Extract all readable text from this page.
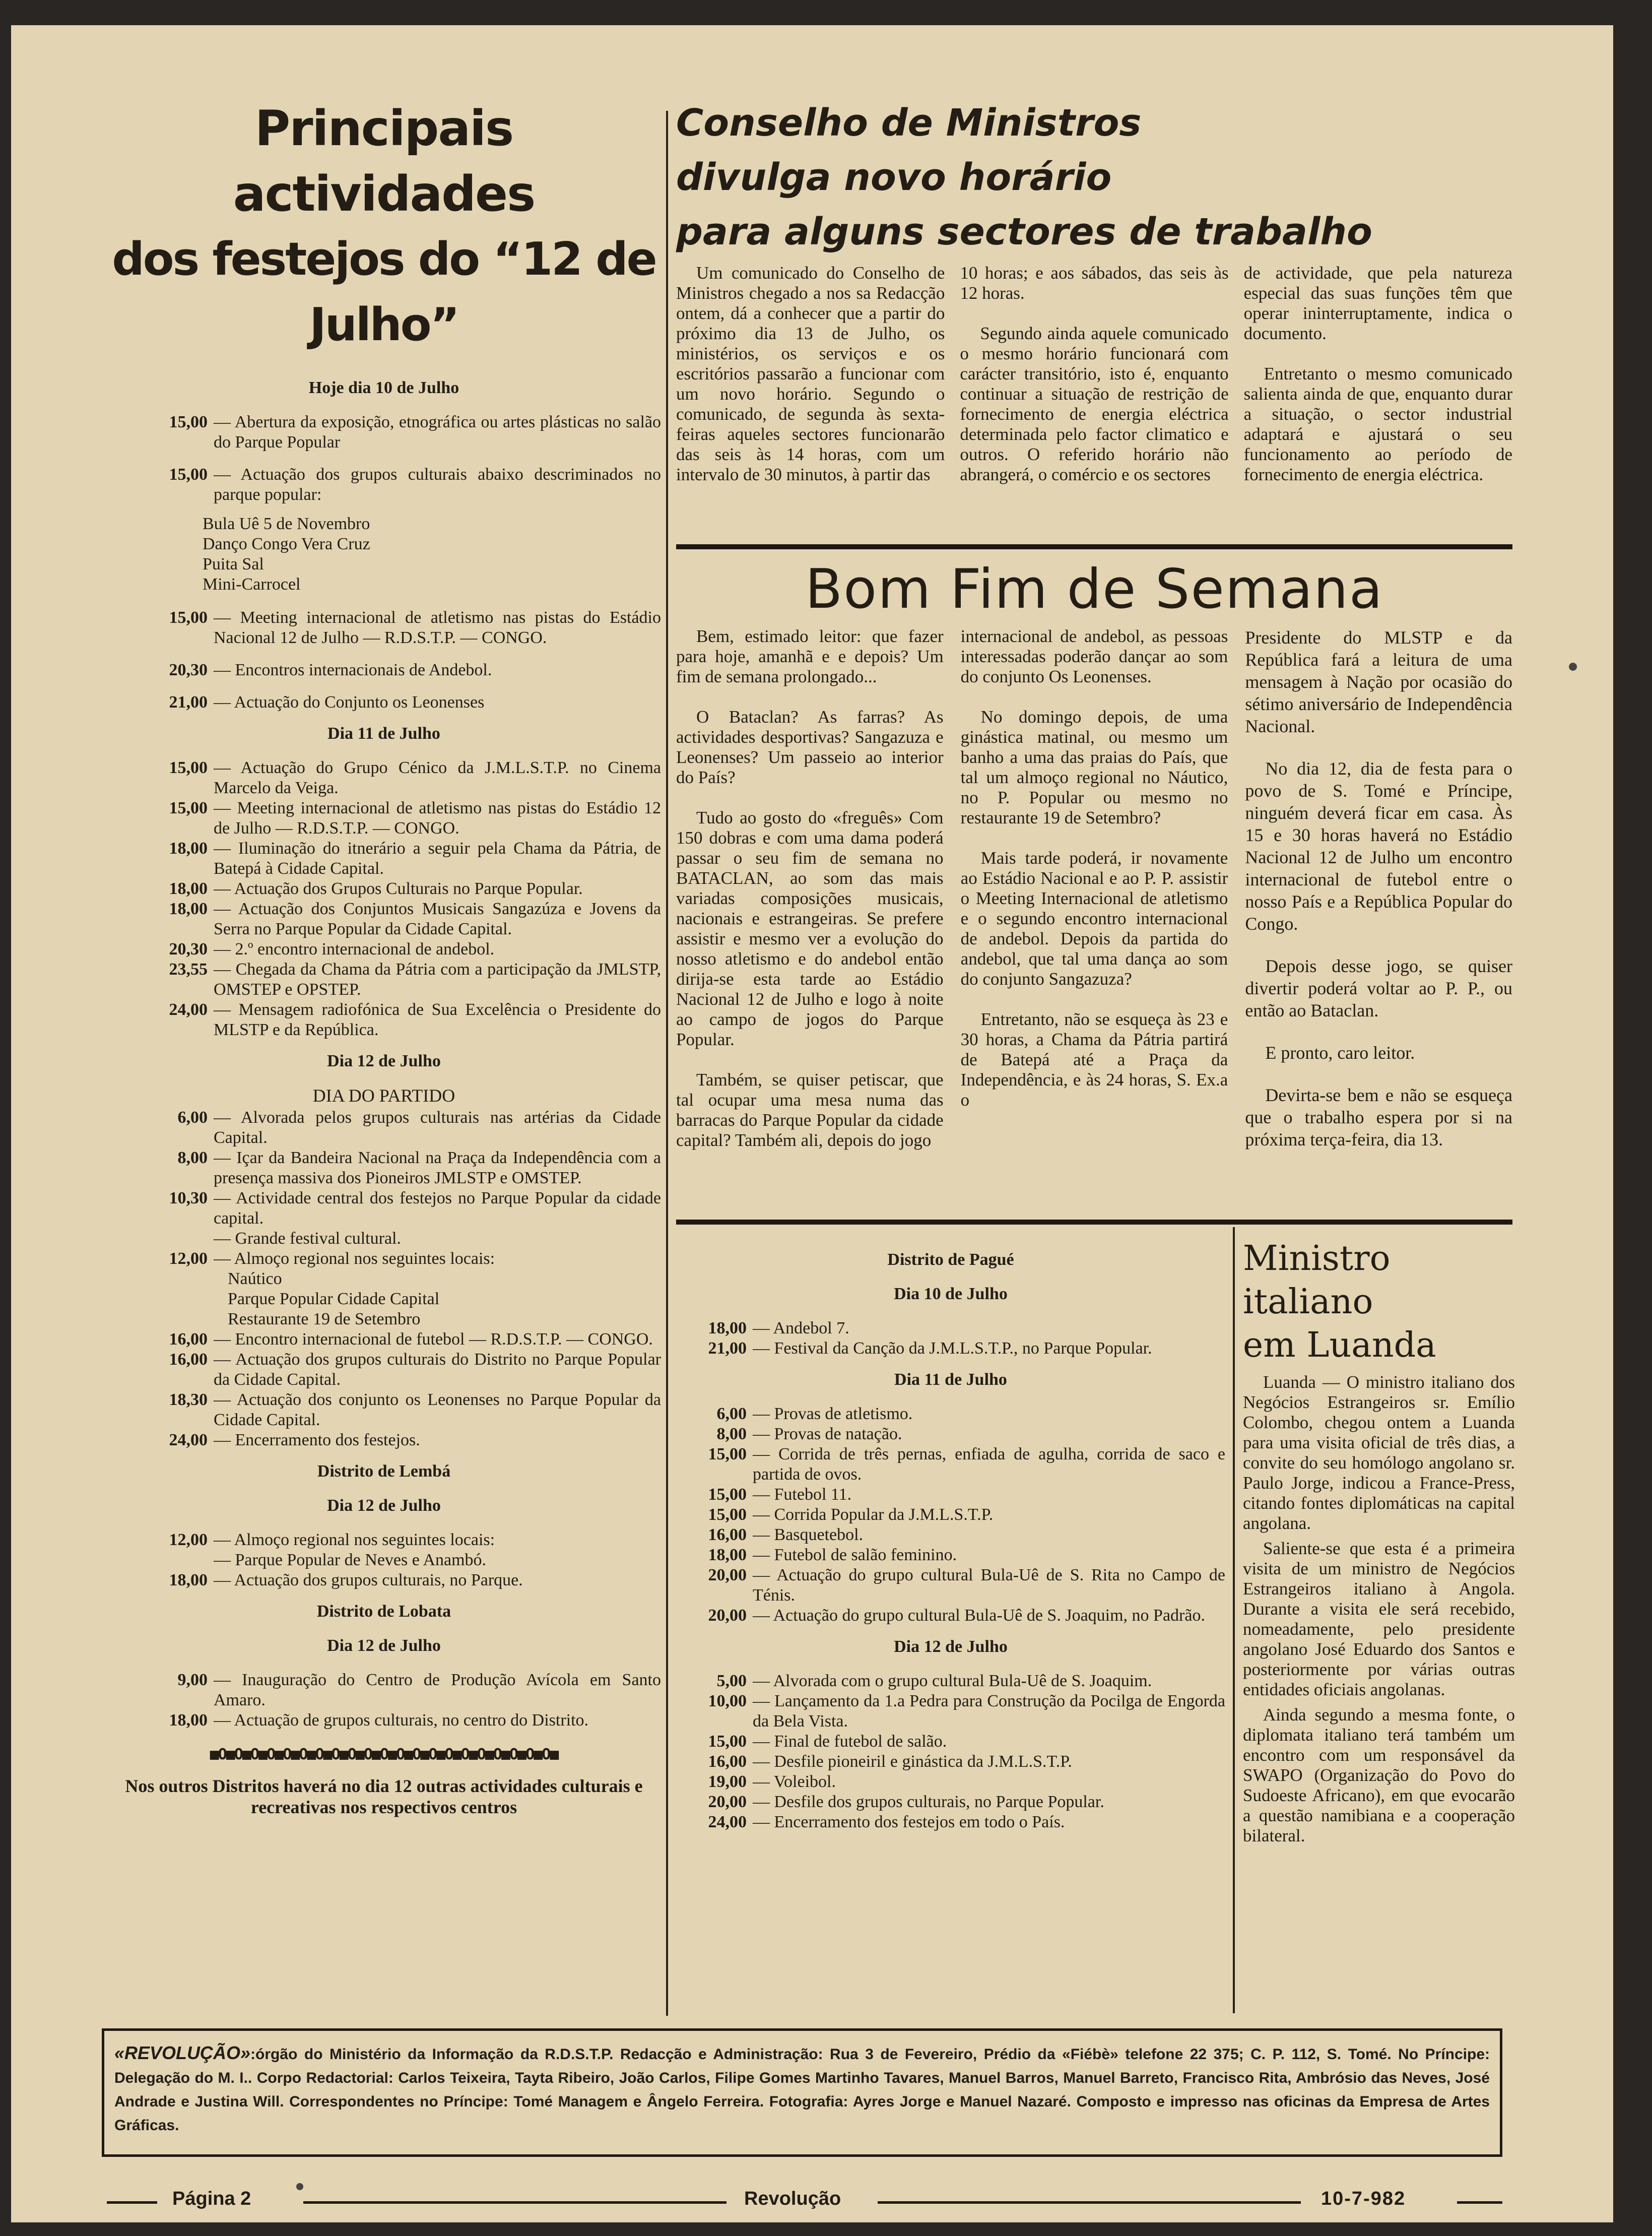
Principais actividades
dos festejos do “12 de Julho”
Hoje dia 10 de Julho
15,00	— Abertura da exposição, etnográfica ou artes plásticas no salão do Parque Popular
15,00	— Actuação dos grupos culturais abaixo descriminados no parque popular:
Bula Uê 5 de Novembro
Danço Congo Vera Cruz
Puita Sal
Mini-Carrocel
15,00	— Meeting internacional de atletismo nas pistas do Estádio Nacional 12 de Julho — R.D.S.T.P. — CONGO.
20,30	— Encontros internacionais de Andebol.
21,00	— Actuação do Conjunto os Leonenses
Dia 11 de Julho
15,00	— Actuação do Grupo Cénico da J.M.L.S.T.P. no Cinema Marcelo da Veiga.
15,00	— Meeting internacional de atletismo nas pistas do Estádio 12 de Julho — R.D.S.T.P. — CONGO.
18,00	— Iluminação do itnerário a seguir pela Chama da Pátria, de Batepá à Cidade Capital.
18,00	— Actuação dos Grupos Culturais no Parque Popular.
18,00	— Actuação dos Conjuntos Musicais Sangazúza e Jovens da Serra no Parque Popular da Cidade Capital.
20,30	— 2.º encontro internacional de andebol.
23,55	— Chegada da Chama da Pátria com a participação da JMLSTP, OMSTEP e OPSTEP.
24,00	— Mensagem radiofónica de Sua Excelência o Presidente do MLSTP e da República.
Dia 12 de Julho
DIA DO PARTIDO
6,00	— Alvorada pelos grupos culturais nas artérias da Cidade Capital.
8,00	— Içar da Bandeira Nacional na Praça da Independência com a presença massiva dos Pioneiros JMLSTP e OMSTEP.
10,30	— Actividade central dos festejos no Parque Popular da cidade capital.

— Grande festival cultural.
12,00	— Almoço regional nos seguintes locais:
Naútico
Parque Popular Cidade Capital
Restaurante 19 de Setembro
16,00	— Encontro internacional de futebol — R.D.S.T.P. — CONGO.
16,00	— Actuação dos grupos culturais do Distrito no Parque Popular da Cidade Capital.
18,30	— Actuação dos conjunto os Leonenses no Parque Popular da Cidade Capital.
24,00	— Encerramento dos festejos.
Distrito de Lembá
Dia 12 de Julho
12,00	— Almoço regional nos seguintes locais:

— Parque Popular de Neves e Anambó.
18,00	— Actuação dos grupos culturais, no Parque.
Distrito de Lobata
Dia 12 de Julho
9,00	— Inauguração do Centro de Produção Avícola em Santo Amaro.
18,00	— Actuação de grupos culturais, no centro do Distrito.
■O■O■O■O■O■O■O■O■O■O■O■O■O■O■O■O■O■O■O■O■O■
Nos outros Distritos haverá no dia 12 outras actividades culturais e recreativas nos respectivos centros
Conselho de Ministros
divulga novo horário
para alguns sectores de trabalho

Um comunicado do Conselho de Ministros chegado a nos sa Redacção ontem, dá a conhecer que a partir do próximo dia 13 de Julho, os ministérios, os serviços e os escritórios passarão a funcionar com um novo horário. Segundo o comunicado, de segunda às sexta-feiras aqueles sectores funcionarão das seis às 14 horas, com um intervalo de 30 minutos, à partir das

10 horas; e aos sábados, das seis às 12 horas.

Segundo ainda aquele comunicado o mesmo horário funcionará com carácter transitório, isto é, enquanto continuar a situação de restrição de fornecimento de energia eléctrica determinada pelo factor climatico e outros. O referido horário não abrangerá, o comércio e os sectores

de actividade, que pela natureza especial das suas funções têm que operar ininterruptamente, indica o documento.

Entretanto o mesmo comunicado salienta ainda de que, enquanto durar a situação, o sector industrial adaptará e ajustará o seu funcionamento ao período de fornecimento de energia eléctrica.

Bom Fim de Semana

Bem, estimado leitor: que fazer para hoje, amanhã e e depois? Um fim de semana prolongado...

O Bataclan? As farras? As actividades desportivas? Sangazuza e Leonenses? Um passeio ao interior do País?

Tudo ao gosto do «freguês» Com 150 dobras e com uma dama poderá passar o seu fim de semana no BATACLAN, ao som das mais variadas composições musicais, nacionais e estrangeiras. Se prefere assistir e mesmo ver a evolução do nosso atletismo e do andebol então dirija-se esta tarde ao Estádio Nacional 12 de Julho e logo à noite ao campo de jogos do Parque Popular.

Também, se quiser petiscar, que tal ocupar uma mesa numa das barracas do Parque Popular da cidade capital? Também ali, depois do jogo

internacional de andebol, as pessoas interessadas poderão dançar ao som do conjunto Os Leonenses.

No domingo depois, de uma ginástica matinal, ou mesmo um banho a uma das praias do País, que tal um almoço regional no Náutico, no P. Popular ou mesmo no restaurante 19 de Setembro?

Mais tarde poderá, ir novamente ao Estádio Nacional e ao P. P. assistir o Meeting Internacional de atletismo e o segundo encontro internacional de andebol. Depois da partida do andebol, que tal uma dança ao som do conjunto Sangazuza?

Entretanto, não se esqueça às 23 e 30 horas, a Chama da Pátria partirá de Batepá até a Praça da Independência, e às 24 horas, S. Ex.a o

Presidente do MLSTP e da República fará a leitura de uma mensagem à Nação por ocasião do sétimo aniversário de Independência Nacional.

No dia 12, dia de festa para o povo de S. Tomé e Príncipe, ninguém deverá ficar em casa. Às 15 e 30 horas haverá no Estádio Nacional 12 de Julho um encontro internacional de futebol entre o nosso País e a República Popular do Congo.

Depois desse jogo, se quiser divertir poderá voltar ao P. P., ou então ao Bataclan.

E pronto, caro leitor.

Devirta-se bem e não se esqueça que o trabalho espera por si na próxima terça-feira, dia 13.

Distrito de Pagué
Dia 10 de Julho
18,00	— Andebol 7.
21,00	— Festival da Canção da J.M.L.S.T.P., no Parque Popular.
Dia 11 de Julho
6,00	— Provas de atletismo.
8,00	— Provas de natação.
15,00	— Corrida de três pernas, enfiada de agulha, corrida de saco e partida de ovos.
15,00	— Futebol 11.
15,00	— Corrida Popular da J.M.L.S.T.P.
16,00	— Basquetebol.
18,00	— Futebol de salão feminino.
20,00	— Actuação do grupo cultural Bula-Uê de S. Rita no Campo de Ténis.
20,00	— Actuação do grupo cultural Bula-Uê de S. Joaquim, no Padrão.
Dia 12 de Julho
5,00	— Alvorada com o grupo cultural Bula-Uê de S. Joaquim.
10,00	— Lançamento da 1.a Pedra para Construção da Pocilga de Engorda da Bela Vista.
15,00	— Final de futebol de salão.
16,00	— Desfile pioneiril e ginástica da J.M.L.S.T.P.
19,00	— Voleibol.
20,00	— Desfile dos grupos culturais, no Parque Popular.
24,00	— Encerramento dos festejos em todo o País.
Ministro
italiano
em Luanda

Luanda — O ministro italiano dos Negócios Estrangeiros sr. Emílio Colombo, chegou ontem a Luanda para uma visita oficial de três dias, a convite do seu homólogo angolano sr. Paulo Jorge, indicou a France-Press, citando fontes diplomáticas na capital angolana.

Saliente-se que esta é a primeira visita de um ministro de Negócios Estrangeiros italiano à Angola. Durante a visita ele será recebido, nomeadamente, pelo presidente angolano José Eduardo dos Santos e posteriormente por várias outras entidades oficiais angolanas.

Ainda segundo a mesma fonte, o diplomata italiano terá também um encontro com um responsável da SWAPO (Organização do Povo do Sudoeste Africano), em que evocarão a questão namibiana e a cooperação bilateral.

«REVOLUÇÃO»:órgão do Ministério da Informação da R.D.S.T.P. Redacção e Administração: Rua 3 de Fevereiro, Prédio da «Fiébè» telefone 22 375; C. P. 112, S. Tomé. No Príncipe: Delegação do M. I.. Corpo Redactorial: Carlos Teixeira, Tayta Ribeiro, João Carlos, Filipe Gomes Martinho Tavares, Manuel Barros, Manuel Barreto, Francisco Rita, Ambrósio das Neves, José Andrade e Justina Will. Correspondentes no Príncipe: Tomé Managem e Ângelo Ferreira. Fotografia: Ayres Jorge e Manuel Nazaré. Composto e impresso nas oficinas da Empresa de Artes Gráficas.
Página 2	Revolução	10-7-982
